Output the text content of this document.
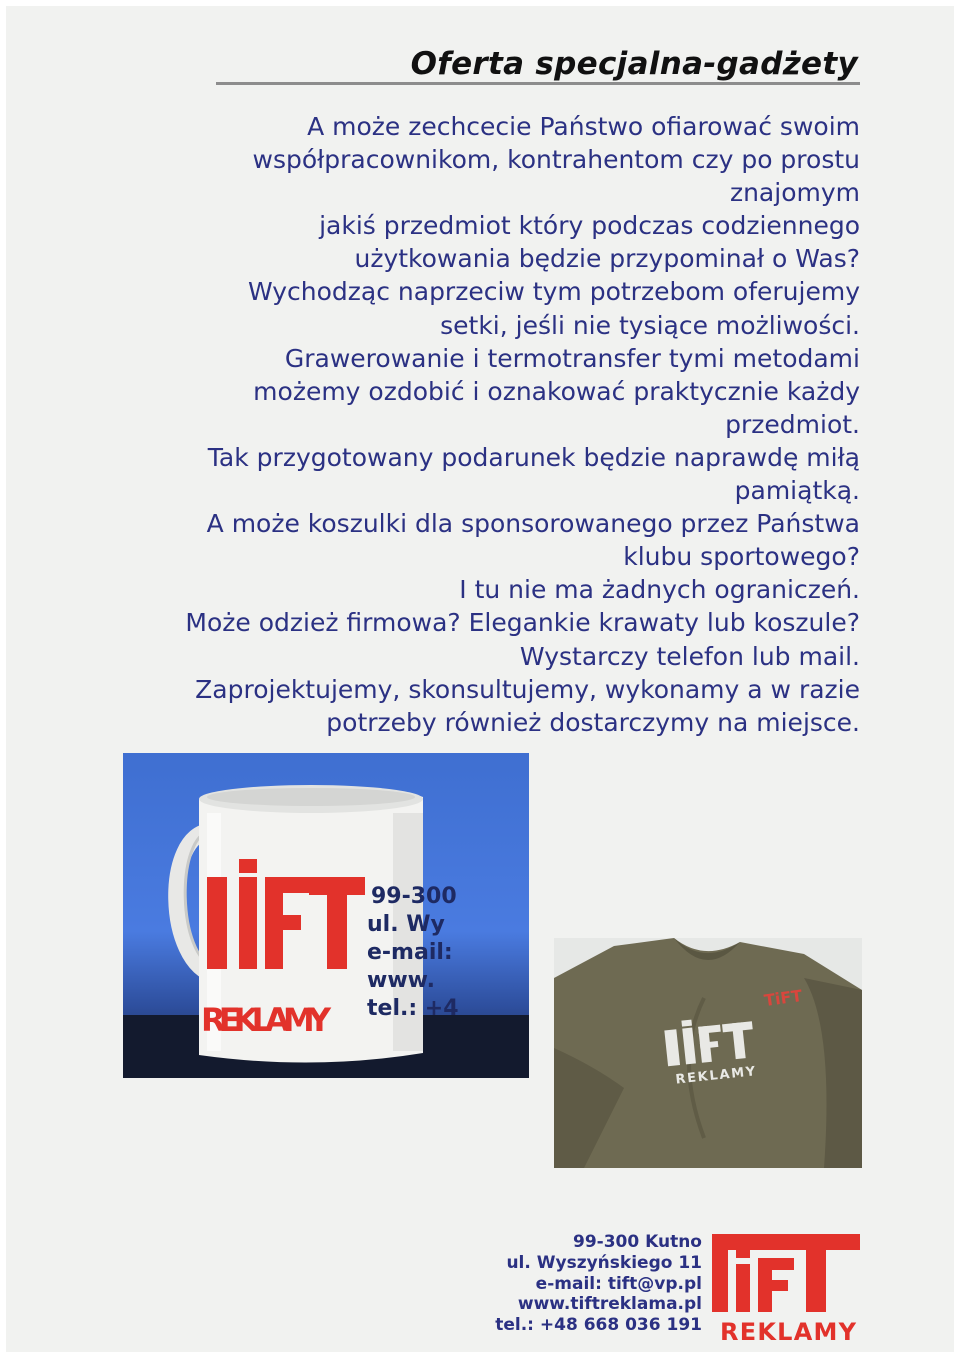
Oferta specjalna-gadżety
A może zechcecie Państwo ofiarować swoim
współpracownikom, kontrahentom czy po prostu
znajomym
jakiś przedmiot który podczas codziennego
użytkowania będzie przypominał o Was?
Wychodząc naprzeciw tym potrzebom oferujemy
setki, jeśli nie tysiące możliwości.
Grawerowanie i termotransfer tymi metodami
możemy ozdobić i oznakować praktycznie każdy
przedmiot.
Tak przygotowany podarunek będzie naprawdę miłą
pamiątką.
A może koszulki dla sponsorowanego przez Państwa
klubu sportowego?
I tu nie ma żadnych ograniczeń.
Może odzież firmowa? Elegankie krawaty lub koszule?
Wystarczy telefon lub mail.
Zaprojektujemy, skonsultujemy, wykonamy a w razie
potrzeby również dostarczymy na miejsce.
REKLAMY
99-300
ul. Wy
e-mail:
www.
tel.: +4
REKLAMY
TiFT
99-300 Kutno
ul. Wyszyńskiego 11
e-mail: tift@vp.pl
www.tiftreklama.pl
tel.: +48 668 036 191 REKLAMY
